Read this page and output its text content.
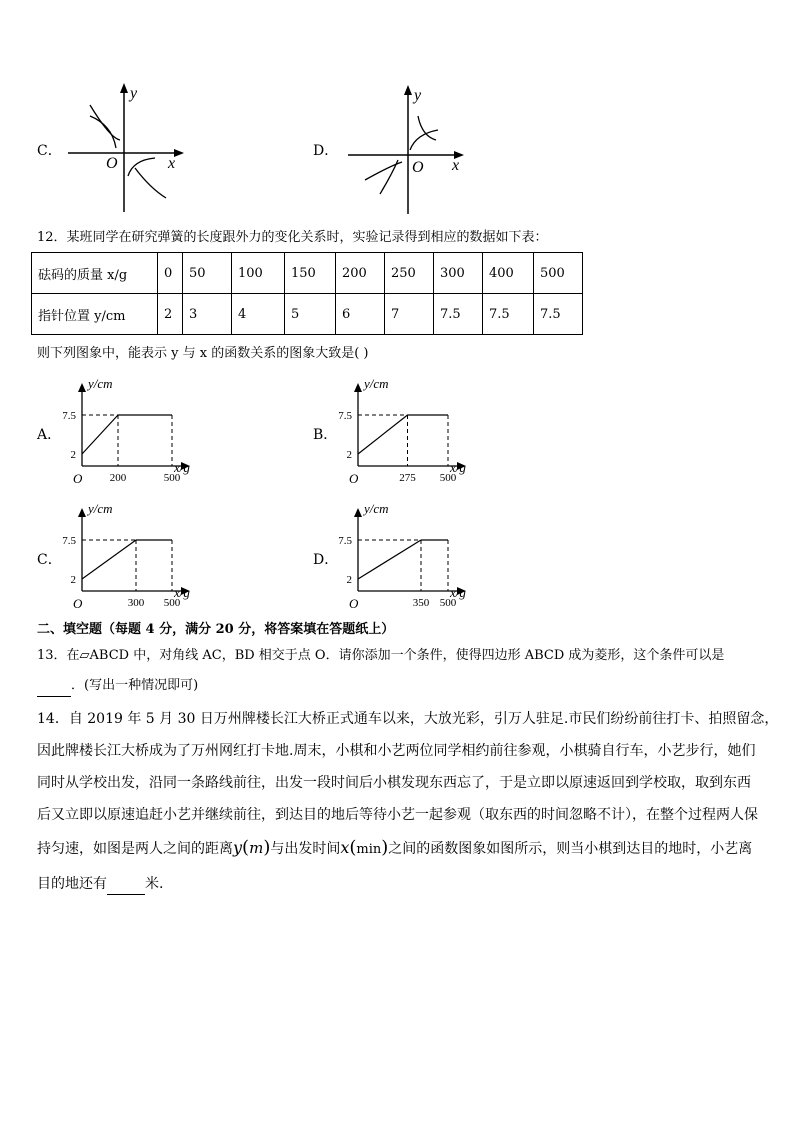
C．
y
x
O
D．
y
x
O
12．某班同学在研究弹簧的长度跟外力的变化关系时，实验记录得到相应的数据如下表：
砝码的质量 x/g	0	50	100	150	200	250	300	400	500
指针位置 y/cm	2	3	4	5	6	7	7.5	7.5	7.5
则下列图象中，能表示 y 与 x 的函数关系的图象大致是( )
A．	B．
C．	D．
y/cm
x/g
7.5
2
O 200	500
y/cm
x/g
7.5
2
O	275 500
y/cm
x/g
7.5
2
O	300 500
y/cm
x/g
7.5
2
O	350 500
二、填空题（每题 4 分，满分 20 分，将答案填在答题纸上）
13．在▱ABCD 中，对角线 AC，BD 相交于点 O．请你添加一个条件，使得四边形 ABCD 成为菱形，这个条件可以是
．(写出一种情况即可)
14．自 2019 年 5 月 30 日万州牌楼长江大桥正式通车以来，大放光彩，引万人驻足.市民们纷纷前往打卡、拍照留念，
因此牌楼长江大桥成为了万州网红打卡地.周末，小棋和小艺两位同学相约前往参观，小棋骑自行车，小艺步行，她们
同时从学校出发，沿同一条路线前往，出发一段时间后小棋发现东西忘了，于是立即以原速返回到学校取，取到东西
后又立即以原速追赶小艺并继续前往，到达目的地后等待小艺一起参观（取东西的时间忽略不计），在整个过程两人保
持匀速，如图是两人之间的距离y(m)与出发时间x(min)之间的函数图象如图所示，则当小棋到达目的地时，小艺离
目的地还有	米.
